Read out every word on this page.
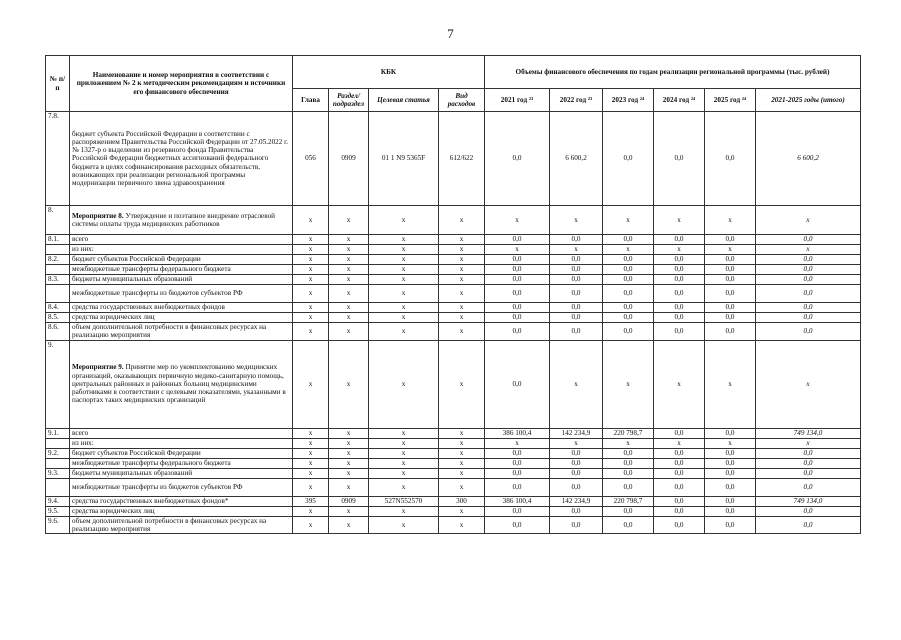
7
№ п/п	Наименование и номер мероприятия в соответствии с приложением № 2 к методическим рекомендациям и источники его финансового обеспечения	КБК				Объемы финансового обеспечения по годам реализации региональной программы (тыс. рублей)					
		Глава	Раздел/ подраздел	Целевая статья	Вид расходов	2021 год ²³	2022 год ²³	2023 год ²⁴	2024 год ²⁴	2025 год ²⁴	2021-2025 годы (итого)
7.8.	бюджет субъекта Российской Федерации в соответствии с распоряжением Правительства Российской Федерации от 27.05.2022 г. № 1327-р о выделении из резервного фонда Правительства Российской Федерации бюджетных ассигнований федерального бюджета в целях софинансирования расходных обязательств, возникающих при реализации региональной программы модернизации первичного звена здравоохранения	056	0909	01 1 N9 5365F	612/622	0,0	6 600,2	0,0	0,0	0,0	6 600,2
8.	Мероприятие 8. Утверждение и поэтапное внедрение отраслевой системы оплаты труда медицинских работников	х	х	х	х	х	х	х	х	х	х
8.1.	всего	х	х	х	х	0,0	0,0	0,0	0,0	0,0	0,0
	из них:	х	х	х	х	х	х	х	х	х	х
8.2.	бюджет субъектов Российской Федерации	х	х	х	х	0,0	0,0	0,0	0,0	0,0	0,0
	межбюджетные трансферты федерального бюджета	х	х	х	х	0,0	0,0	0,0	0,0	0,0	0,0
8.3.	бюджеты муниципальных образований	х	х	х	х	0,0	0,0	0,0	0,0	0,0	0,0
	межбюджетные трансферты из бюджетов субъектов РФ	х	х	х	х	0,0	0,0	0,0	0,0	0,0	0,0
8.4.	средства государственных внебюджетных фондов	х	х	х	х	0,0	0,0	0,0	0,0	0,0	0,0
8.5.	средства юридических лиц	х	х	х	х	0,0	0,0	0,0	0,0	0,0	0,0
8.6.	объем дополнительной потребности в финансовых ресурсах на реализацию мероприятия	х	х	х	х	0,0	0,0	0,0	0,0	0,0	0,0
9.	Мероприятие 9. Принятие мер по укомплектованию медицинских организаций, оказывающих первичную медико-санитарную помощь, центральных районных и районных больниц медицинскими работниками в соответствии с целевыми показателями, указанными в паспортах таких медицинских организаций	х	х	х	х	0,0	х	х	х	х	х
9.1.	всего	х	х	х	х	386 100,4	142 234,9	220 798,7	0,0	0,0	749 134,0
	из них:	х	х	х	х	х	х	х	х	х	х
9.2.	бюджет субъектов Российской Федерации	х	х	х	х	0,0	0,0	0,0	0,0	0,0	0,0
	межбюджетные трансферты федерального бюджета	х	х	х	х	0,0	0,0	0,0	0,0	0,0	0,0
9.3.	бюджеты муниципальных образований	х	х	х	х	0,0	0,0	0,0	0,0	0,0	0,0
	межбюджетные трансферты из бюджетов субъектов РФ	х	х	х	х	0,0	0,0	0,0	0,0	0,0	0,0
9.4.	средства государственных внебюджетных фондов*	395	0909	527N552570	300	386 100,4	142 234,9	220 798,7	0,0	0,0	749 134,0
9.5.	средства юридических лиц	х	х	х	х	0,0	0,0	0,0	0,0	0,0	0,0
9.6.	объем дополнительной потребности в финансовых ресурсах на реализацию мероприятия	х	х	х	х	0,0	0,0	0,0	0,0	0,0	0,0
